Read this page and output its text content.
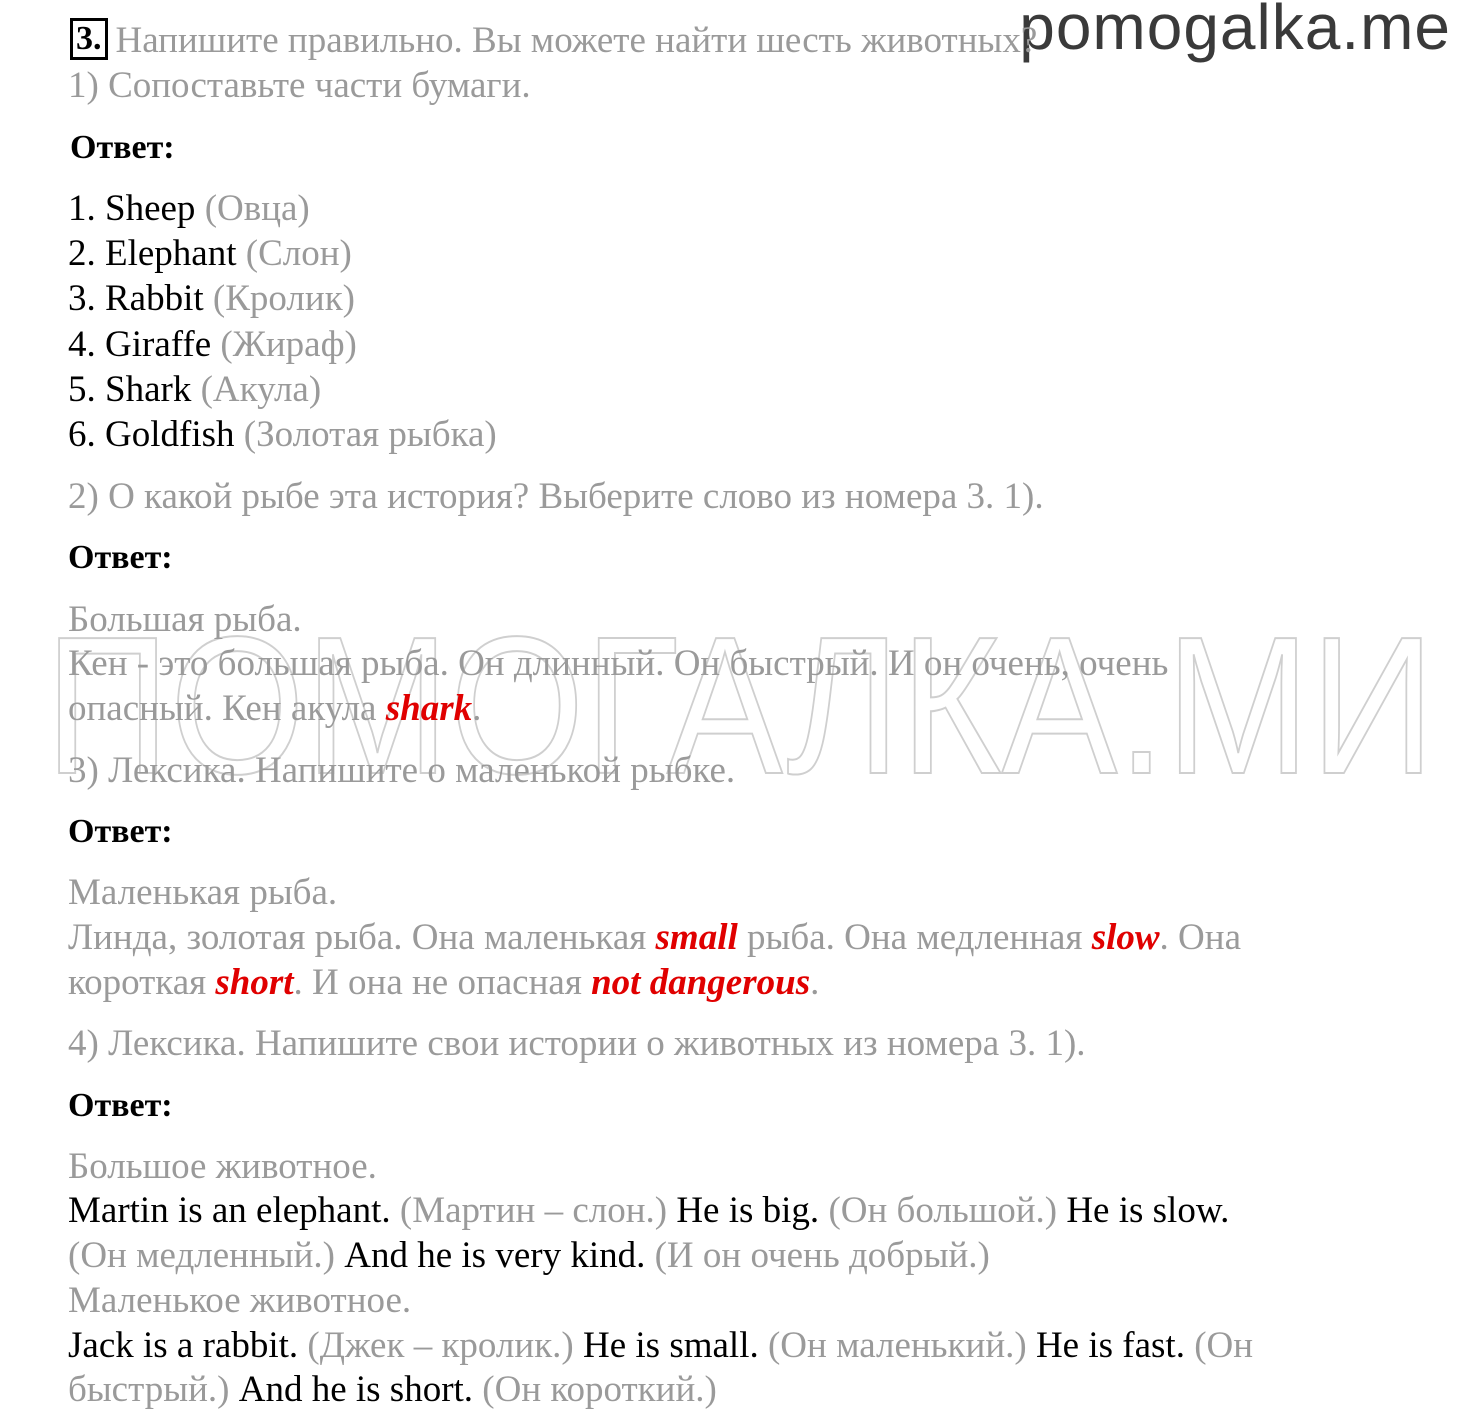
ПОМОГАЛКА.МИ
pomogalka.me
3. Напишите правильно. Вы можете найти шесть животных?
1) Сопоставьте части бумаги.
Ответ:
1. Sheep (Овца)
2. Elephant (Слон)
3. Rabbit (Кролик)
4. Giraffe (Жираф)
5. Shark (Акула)
6. Goldfish (Золотая рыбка)
2) О какой рыбе эта история? Выберите слово из номера 3. 1).
Ответ:
Большая рыба.
Кен - это большая рыба. Он длинный. Он быстрый. И он очень, очень
опасный. Кен акула shark.
3) Лексика. Напишите о маленькой рыбке.
Ответ:
Маленькая рыба.
Линда, золотая рыба. Она маленькая small рыба. Она медленная slow. Она
короткая short. И она не опасная not dangerous.
4) Лексика. Напишите свои истории о животных из номера 3. 1).
Ответ:
Большое животное.
Martin is an elephant. (Мартин – слон.) He is big. (Он большой.) He is slow.
(Он медленный.) And he is very kind. (И он очень добрый.)
Маленькое животное.
Jack is a rabbit. (Джек – кролик.) He is small. (Он маленький.) He is fast. (Он
быстрый.) And he is short. (Он короткий.)
